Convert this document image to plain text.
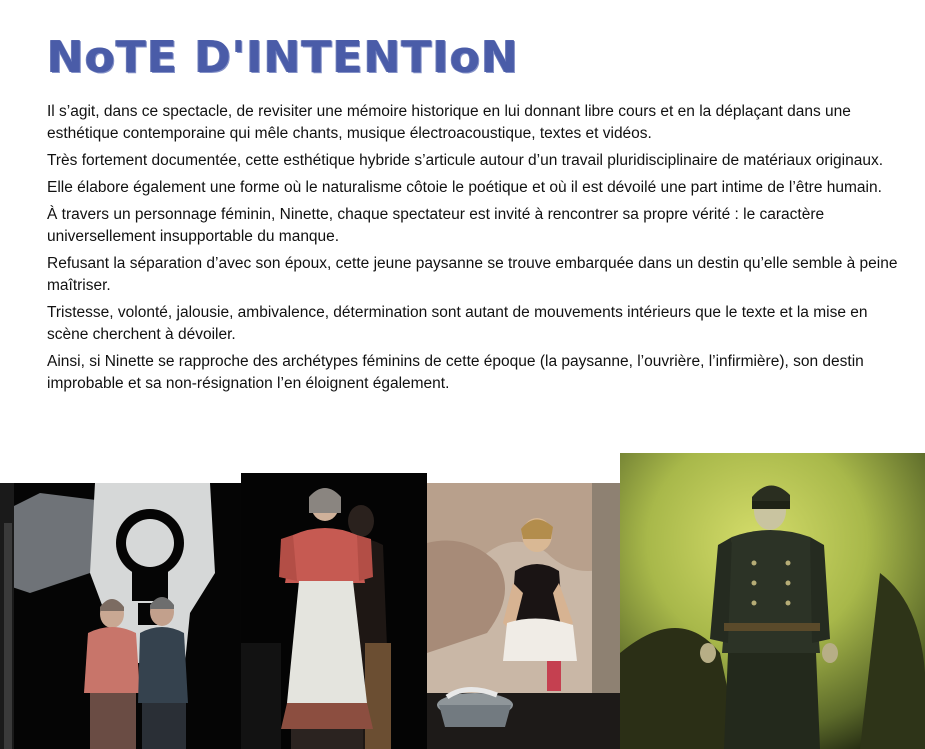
NoTE D'INTENTIoN

Il s’agit, dans ce spectacle, de revisiter une mémoire historique en lui donnant libre cours et en la déplaçant dans une esthétique contemporaine qui mêle chants, musique électroacoustique, textes et vidéos.

Très fortement documentée, cette esthétique hybride s’articule autour d’un travail pluridisciplinaire de matériaux originaux.

Elle élabore également une forme où le naturalisme côtoie le poétique et où il est dévoilé une part intime de l’être humain.

À travers un personnage féminin, Ninette, chaque spectateur est invité à rencontrer sa propre vérité : le caractère universellement insupportable du manque.

Refusant la séparation d’avec son époux, cette jeune paysanne se trouve embarquée dans un destin qu’elle semble à peine maîtriser.

Tristesse, volonté, jalousie, ambivalence, détermination sont autant de mouvements intérieurs que le texte et la mise en scène cherchent à dévoiler.

Ainsi, si Ninette se rapproche des archétypes féminins de cette époque (la paysanne, l’ouvrière, l’infirmière), son destin improbable et sa non-résignation l’en éloignent également.
